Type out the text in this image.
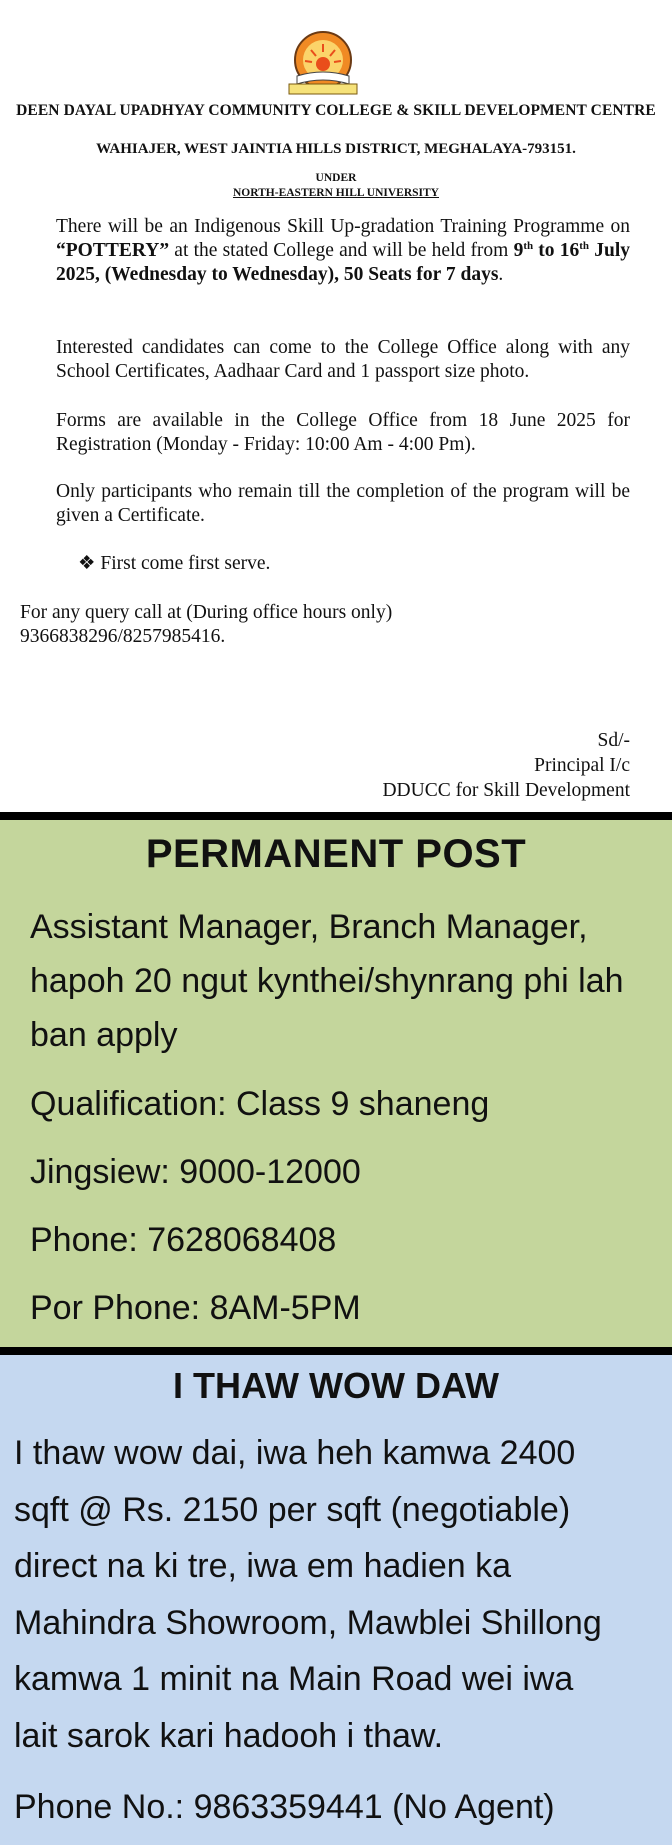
DEEN DAYAL UPADHYAY COMMUNITY COLLEGE & SKILL DEVELOPMENT CENTRE
WAHIAJER, WEST JAINTIA HILLS DISTRICT, MEGHALAYA-793151.
UNDER
NORTH-EASTERN HILL UNIVERSITY
There will be an Indigenous Skill Up-gradation Training Programme on “POTTERY” at the stated College and will be held from 9th to 16th July 2025, (Wednesday to Wednesday), 50 Seats for 7 days.
Interested candidates can come to the College Office along with any School Certificates, Aadhaar Card and 1 passport size photo.
Forms are available in the College Office from 18 June 2025 for Registration (Monday - Friday: 10:00 Am - 4:00 Pm).
Only participants who remain till the completion of the program will be given a Certificate.
❖ First come first serve.
For any query call at (During office hours only)
9366838296/8257985416.
Sd/-
Principal I/c
DDUCC for Skill Development
PERMANENT POST
Assistant Manager, Branch Manager, hapoh 20 ngut kynthei/shynrang phi lah ban apply
Qualification: Class 9 shaneng
Jingsiew: 9000-12000
Phone: 7628068408
Por Phone: 8AM-5PM
I THAW WOW DAW
I thaw wow dai, iwa heh kamwa 2400
sqft @ Rs. 2150 per sqft (negotiable)
direct na ki tre, iwa em hadien ka
Mahindra Showroom, Mawblei Shillong
kamwa 1 minit na Main Road wei iwa
lait sarok kari hadooh i thaw.
Phone No.: 9863359441 (No Agent)
